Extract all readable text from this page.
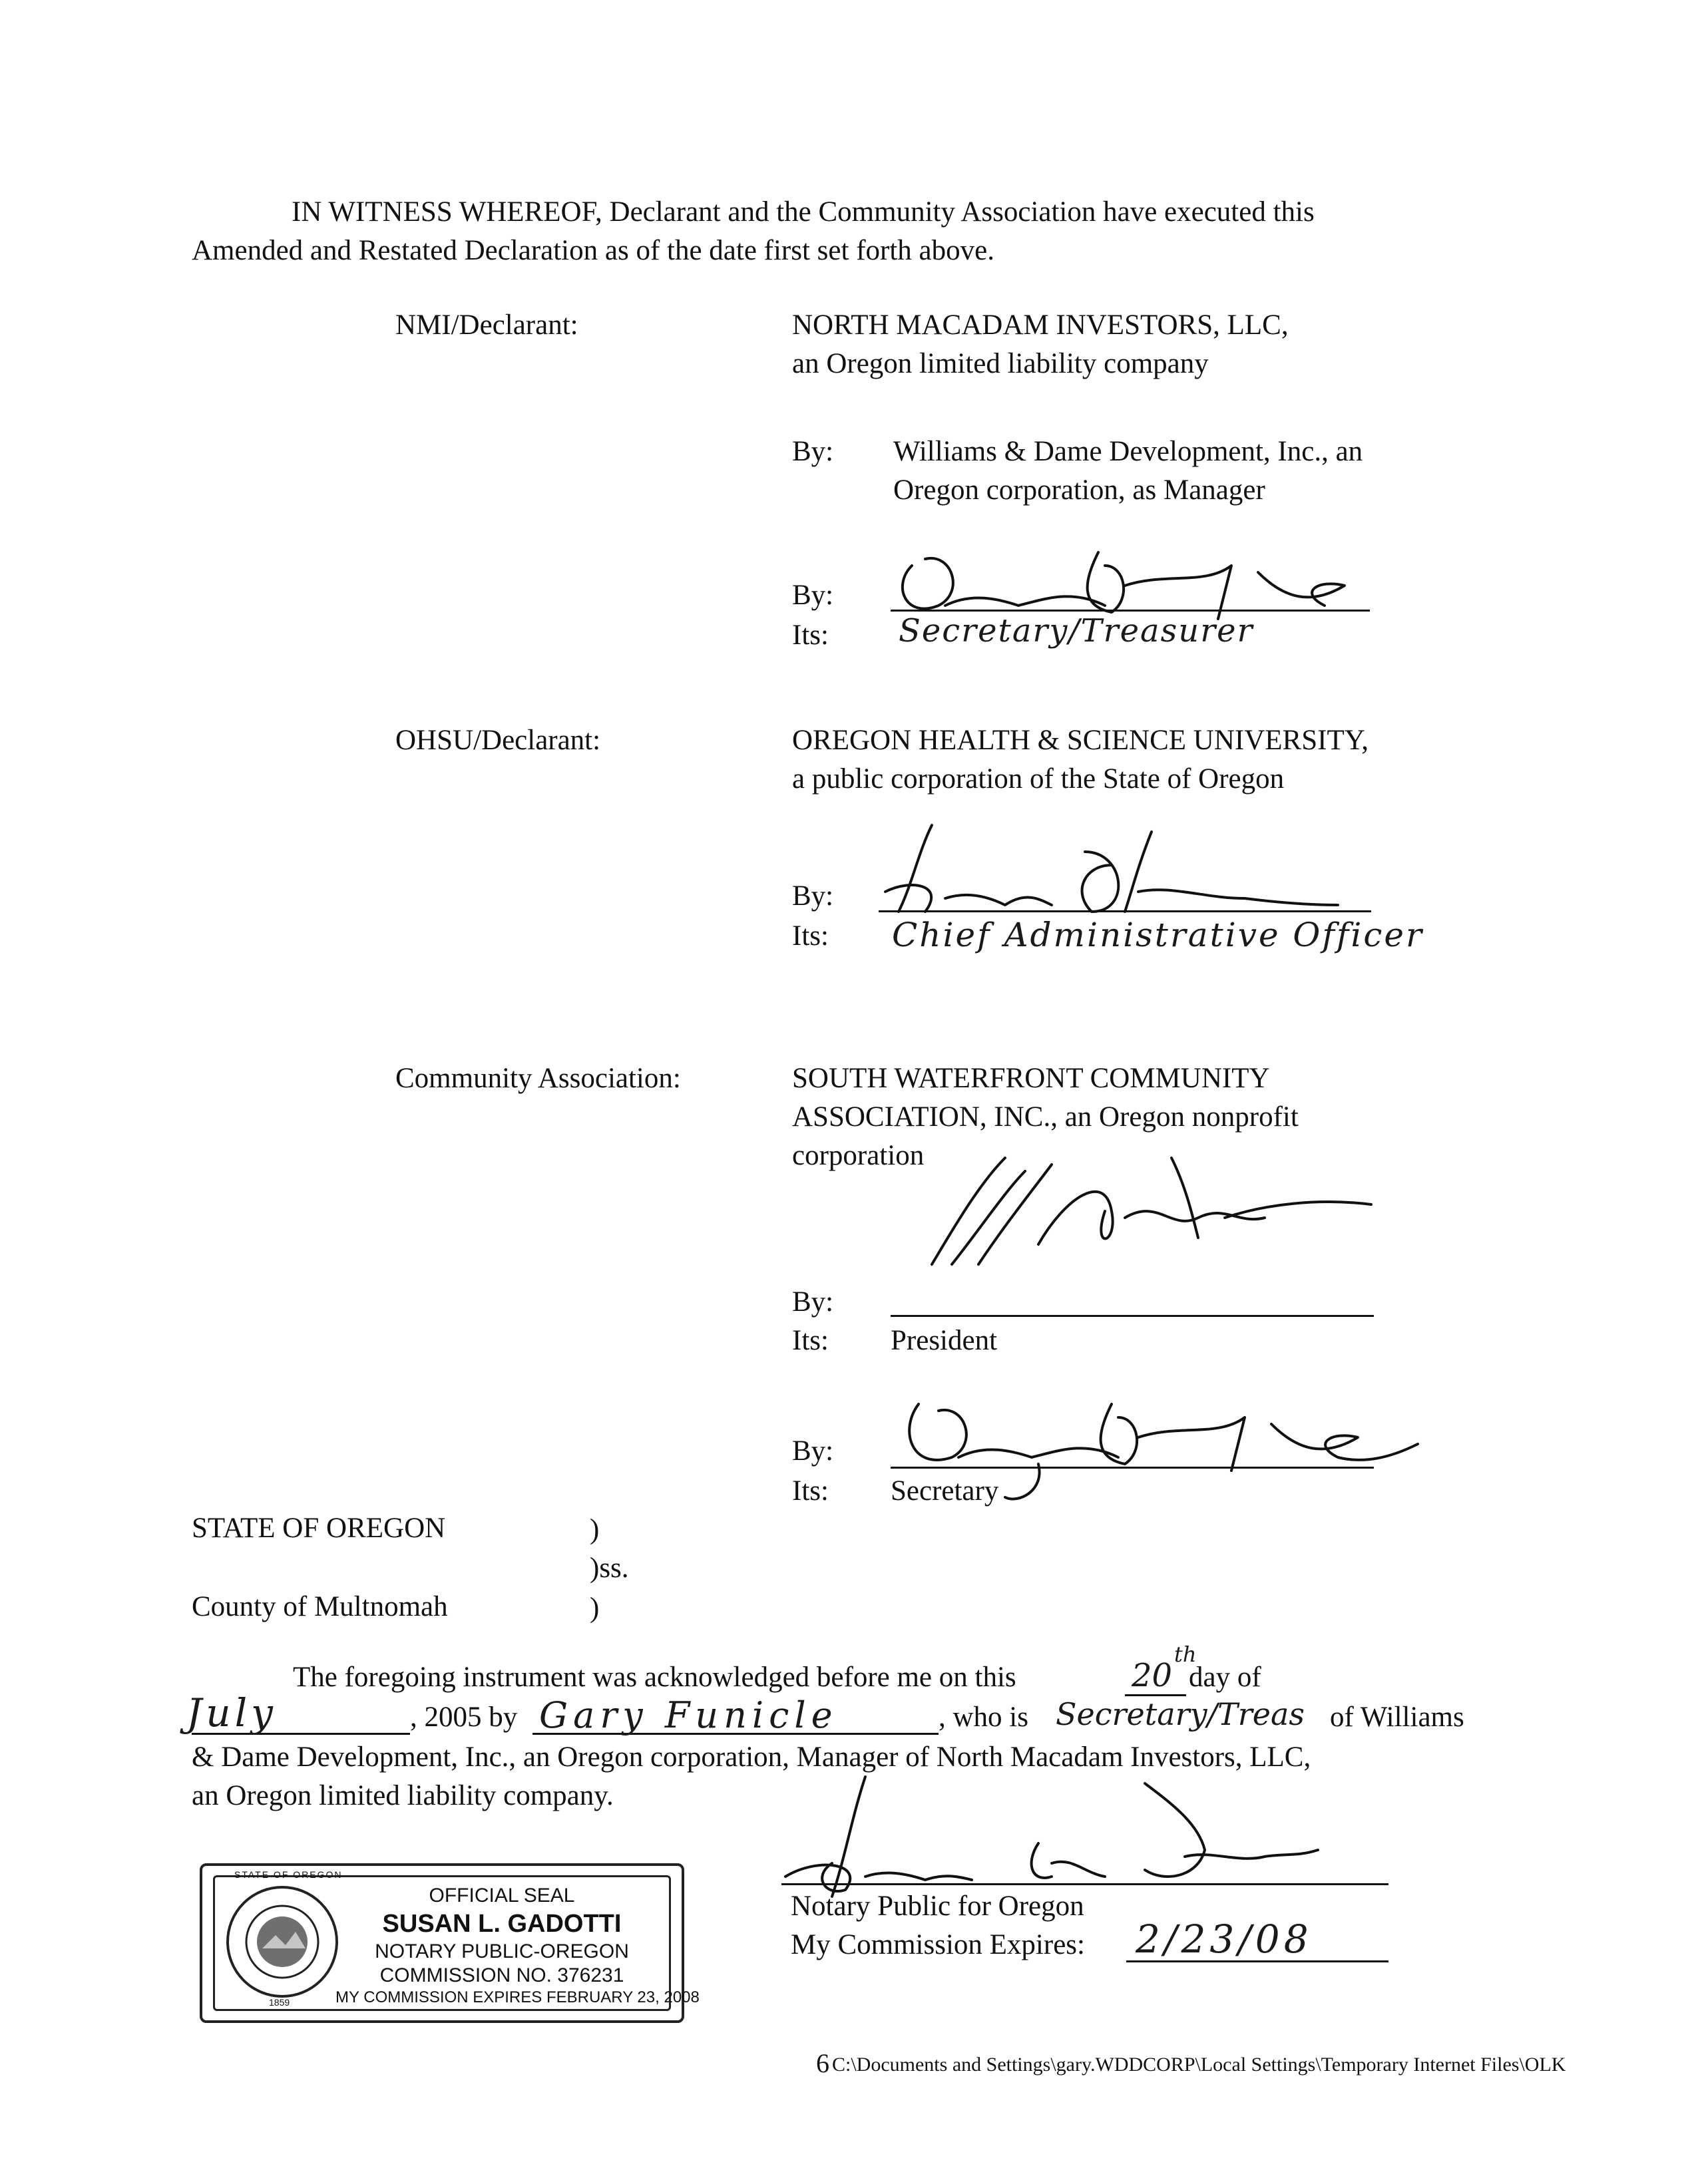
IN WITNESS WHEREOF, Declarant and the Community Association have executed this
Amended and Restated Declaration as of the date first set forth above.
NMI/Declarant:	NORTH MACADAM INVESTORS, LLC,
an Oregon limited liability company
By: Williams & Dame Development, Inc., an
Oregon corporation, as Manager
By:
Its: Secretary/Treasurer
OHSU/Declarant:	OREGON HEALTH & SCIENCE UNIVERSITY,
a public corporation of the State of Oregon
By:
Its: Chief Administrative Officer
Community Association:	SOUTH WATERFRONT COMMUNITY
ASSOCIATION, INC., an Oregon nonprofit
corporation
By:
Its: President
By:
Its: Secretary
STATE OF OREGON	)
)ss.
County of Multnomah	)
The foregoing instrument was acknowledged before me on this	20
th
day of
July	, 2005 by Gary Funicle	, who is Secretary/Treas of Williams
& Dame Development, Inc., an Oregon corporation, Manager of North Macadam Investors, LLC,
an Oregon limited liability company.
Notary Public for Oregon
My Commission Expires: 2/23/08
STATE OF OREGON
1859
OFFICIAL SEAL
SUSAN L. GADOTTI
NOTARY PUBLIC-OREGON
COMMISSION NO. 376231
MY COMMISSION EXPIRES FEBRUARY 23, 2008
6 C:\Documents and Settings\gary.WDDCORP\Local Settings\Temporary Internet Files\OLK
